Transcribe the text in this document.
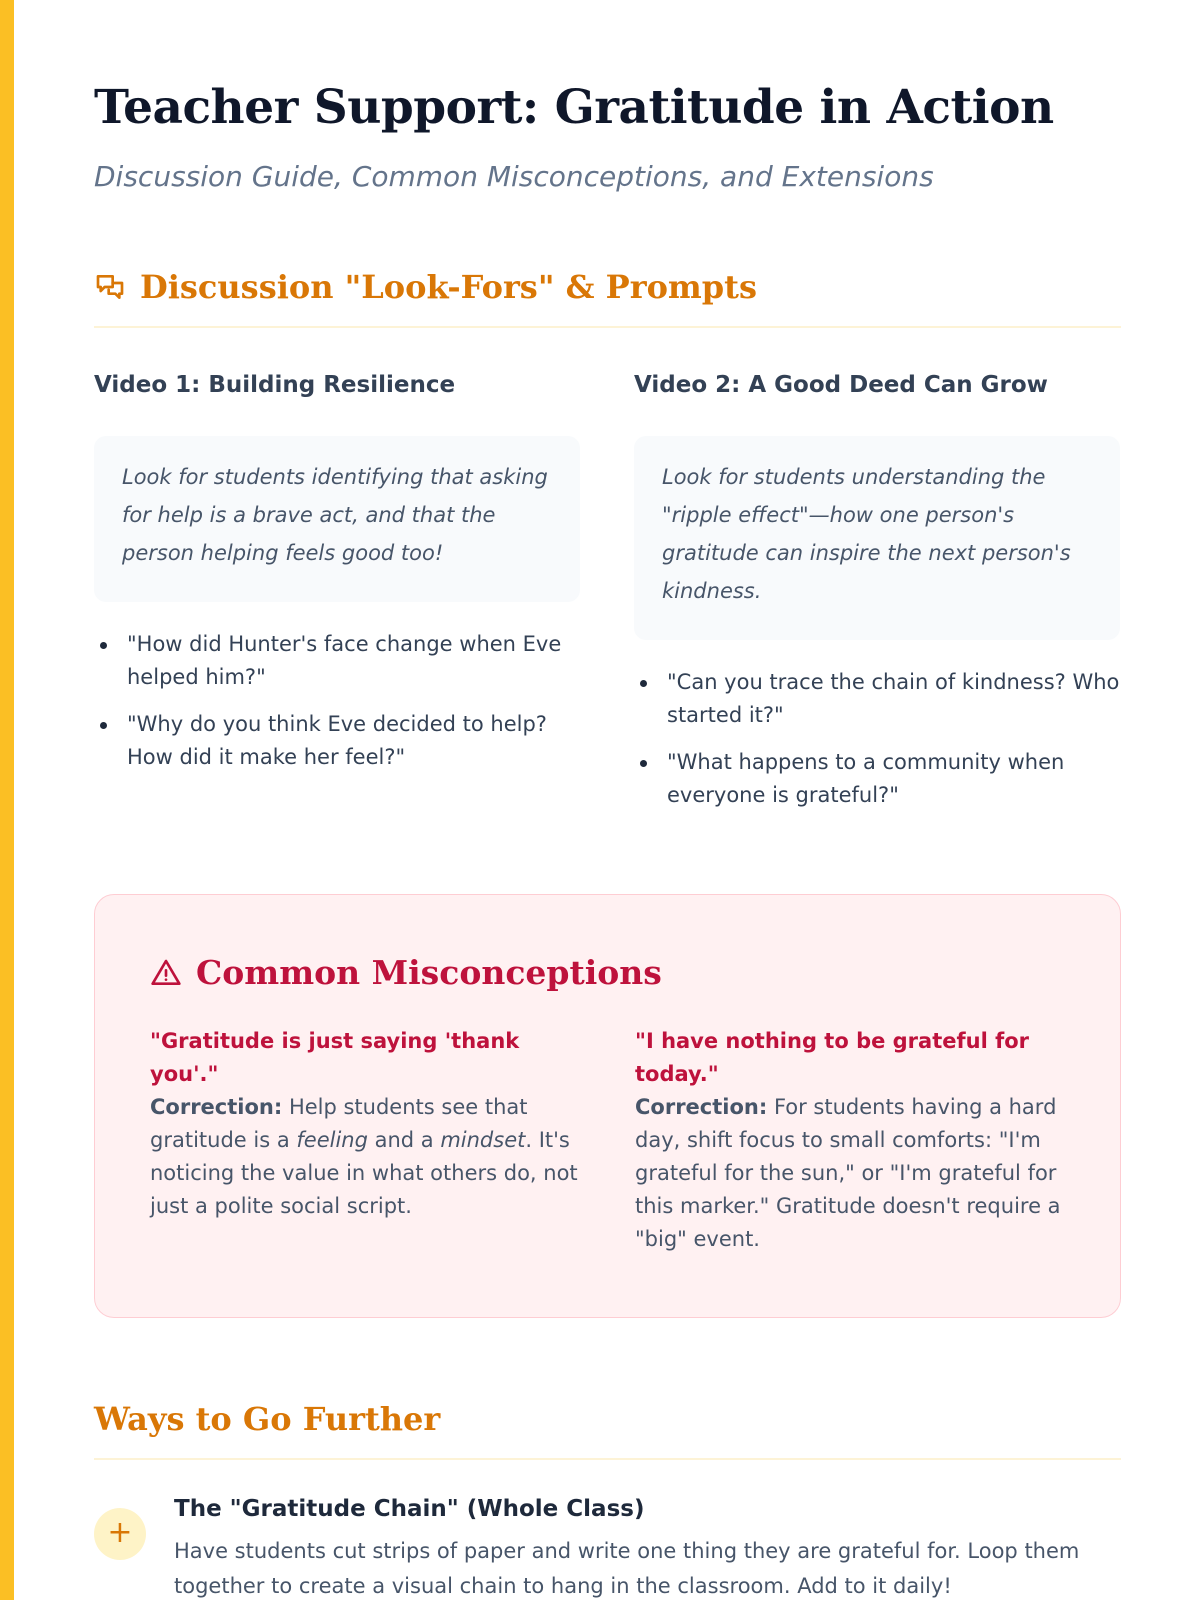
Teacher Support: Gratitude in Action
Discussion Guide, Common Misconceptions, and Extensions
Discussion "Look-Fors" & Prompts
Video 1: Building Resilience
Look for students identifying that asking for help is a brave act, and that the person helping feels good too!
"How did Hunter's face change when Eve helped him?"
"Why do you think Eve decided to help? How did it make her feel?"
Video 2: A Good Deed Can Grow
Look for students understanding the "ripple effect"—how one person's gratitude can inspire the next person's kindness.
"Can you trace the chain of kindness? Who started it?"
"What happens to a community when everyone is grateful?"
Common Misconceptions
"Gratitude is just saying 'thank you'."
Correction: Help students see that gratitude is a feeling and a mindset. It's noticing the value in what others do, not just a polite social script.
"I have nothing to be grateful for today."
Correction: For students having a hard day, shift focus to small comforts: "I'm grateful for the sun," or "I'm grateful for this marker." Gratitude doesn't require a "big" event.
Ways to Go Further
+
The "Gratitude Chain" (Whole Class)

Have students cut strips of paper and write one thing they are grateful for. Loop them together to create a visual chain to hang in the classroom. Add to it daily!
